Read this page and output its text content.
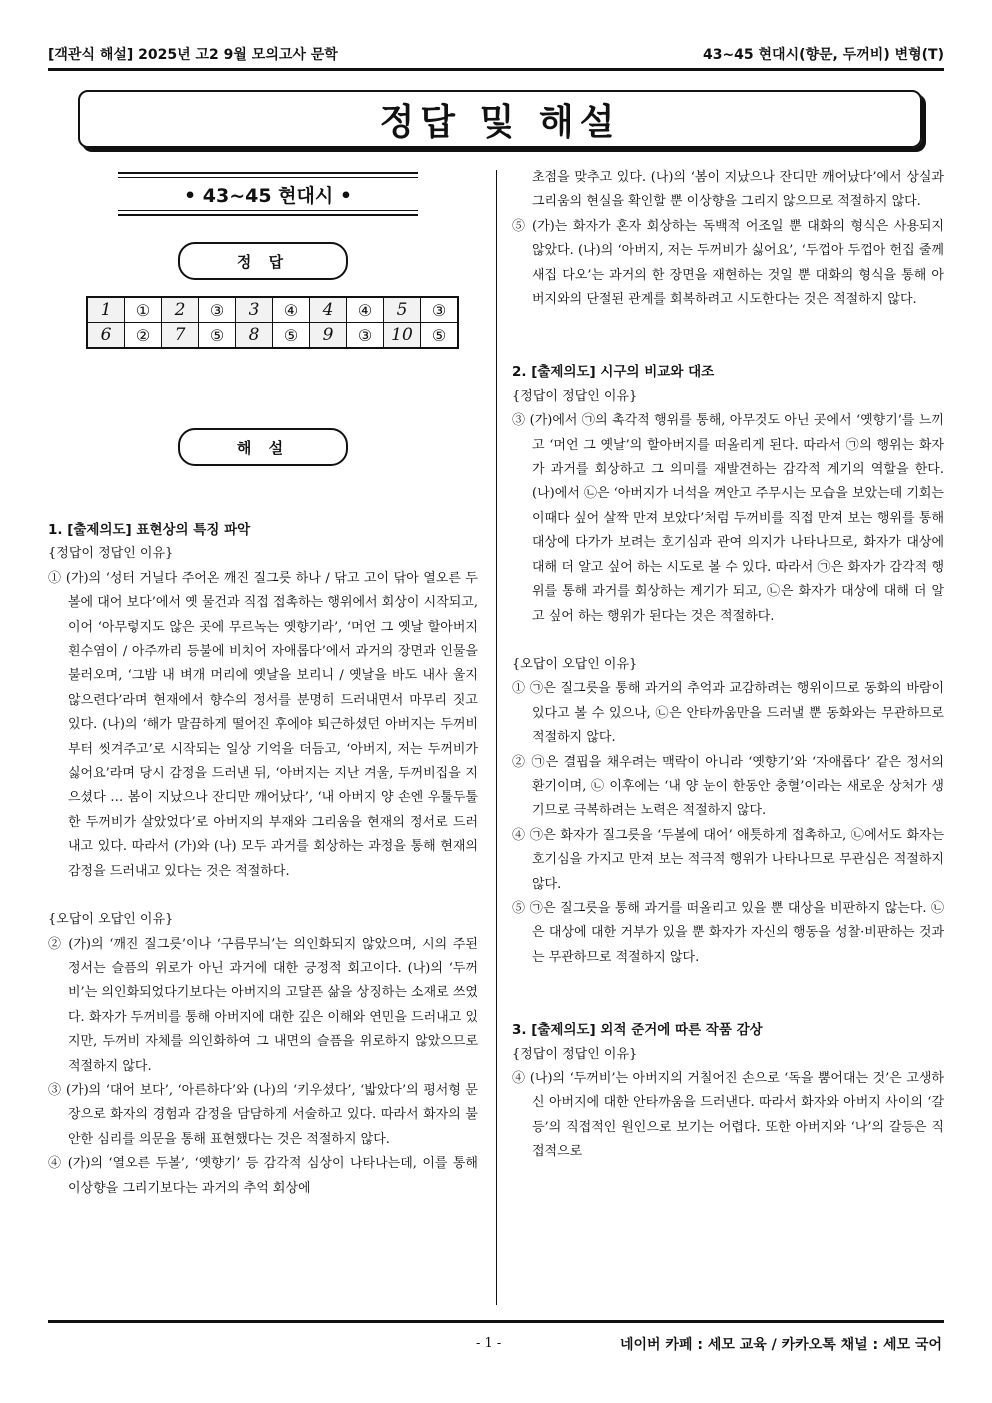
[객관식 해설] 2025년 고2 9월 모의고사 문학	43~45 현대시(향문, 두꺼비) 변형(T)
정답 및 해설
• 43~45 현대시 •
정 답
1	①	2	③	3	④	4	④	5	③
6	②	7	⑤	8	⑤	9	③	10	⑤
해 설

1. [출제의도] 표현상의 특징 파악

{정답이 정답인 이유}

① (가)의 ‘성터 거닐다 주어온 깨진 질그릇 하나 / 닦고 고이 닦아 열오른 두볼에 대어 보다’에서 옛 물건과 직접 접촉하는 행위에서 회상이 시작되고, 이어 ‘아무렇지도 않은 곳에 무르녹는 옛향기라’, ‘머언 그 옛날 할아버지 흰수염이 / 아주까리 등불에 비치어 자애롭다’에서 과거의 장면과 인물을 불러오며, ‘그밤 내 벼개 머리에 옛날을 보리니 / 옛날을 바도 내사 울지 않으련다’라며 현재에서 향수의 정서를 분명히 드러내면서 마무리 짓고 있다. (나)의 ‘해가 말끔하게 떨어진 후에야 퇴근하셨던 아버지는 두꺼비부터 씻겨주고’로 시작되는 일상 기억을 더듬고, ‘아버지, 저는 두꺼비가 싫어요’라며 당시 감정을 드러낸 뒤, ‘아버지는 지난 겨울, 두꺼비집을 지으셨다 … 봄이 지났으나 잔디만 깨어났다’, ‘내 아버지 양 손엔 우툴두툴한 두꺼비가 살았었다’로 아버지의 부재와 그리움을 현재의 정서로 드러내고 있다. 따라서 (가)와 (나) 모두 과거를 회상하는 과정을 통해 현재의 감정을 드러내고 있다는 것은 적절하다.

{오답이 오답인 이유}

② (가)의 ‘깨진 질그릇’이나 ‘구름무늬’는 의인화되지 않았으며, 시의 주된 정서는 슬픔의 위로가 아닌 과거에 대한 긍정적 회고이다. (나)의 ‘두꺼비’는 의인화되었다기보다는 아버지의 고달픈 삶을 상징하는 소재로 쓰였다. 화자가 두꺼비를 통해 아버지에 대한 깊은 이해와 연민을 드러내고 있지만, 두꺼비 자체를 의인화하여 그 내면의 슬픔을 위로하지 않았으므로 적절하지 않다.

③ (가)의 ‘대어 보다’, ‘아른하다’와 (나)의 ‘키우셨다’, ‘밟았다’의 평서형 문장으로 화자의 경험과 감정을 담담하게 서술하고 있다. 따라서 화자의 불안한 심리를 의문을 통해 표현했다는 것은 적절하지 않다.

④ (가)의 ‘열오른 두볼’, ‘옛향기’ 등 감각적 심상이 나타나는데, 이를 통해 이상향을 그리기보다는 과거의 추억 회상에

초점을 맞추고 있다. (나)의 ‘봄이 지났으나 잔디만 깨어났다’에서 상실과 그리움의 현실을 확인할 뿐 이상향을 그리지 않으므로 적절하지 않다.

⑤ (가)는 화자가 혼자 회상하는 독백적 어조일 뿐 대화의 형식은 사용되지 않았다. (나)의 ‘아버지, 저는 두꺼비가 싫어요’, ‘두껍아 두껍아 헌집 줄께 새집 다오’는 과거의 한 장면을 재현하는 것일 뿐 대화의 형식을 통해 아버지와의 단절된 관계를 회복하려고 시도한다는 것은 적절하지 않다.

2. [출제의도] 시구의 비교와 대조

{정답이 정답인 이유}

③ (가)에서 ㉠의 촉각적 행위를 통해, 아무것도 아닌 곳에서 ‘옛향기’를 느끼고 ‘머언 그 옛날’의 할아버지를 떠올리게 된다. 따라서 ㉠의 행위는 화자가 과거를 회상하고 그 의미를 재발견하는 감각적 계기의 역할을 한다. (나)에서 ㉡은 ‘아버지가 너석을 껴안고 주무시는 모습을 보았는데 기회는 이때다 싶어 살짝 만져 보았다’처럼 두꺼비를 직접 만져 보는 행위를 통해 대상에 다가가 보려는 호기심과 관여 의지가 나타나므로, 화자가 대상에 대해 더 알고 싶어 하는 시도로 볼 수 있다. 따라서 ㉠은 화자가 감각적 행위를 통해 과거를 회상하는 계기가 되고, ㉡은 화자가 대상에 대해 더 알고 싶어 하는 행위가 된다는 것은 적절하다.

{오답이 오답인 이유}

① ㉠은 질그릇을 통해 과거의 추억과 교감하려는 행위이므로 동화의 바람이 있다고 볼 수 있으나, ㉡은 안타까움만을 드러낼 뿐 동화와는 무관하므로 적절하지 않다.

② ㉠은 결핍을 채우려는 맥락이 아니라 ‘옛향기’와 ‘자애롭다’ 같은 정서의 환기이며, ㉡ 이후에는 ‘내 양 눈이 한동안 충혈’이라는 새로운 상처가 생기므로 극복하려는 노력은 적절하지 않다.

④ ㉠은 화자가 질그릇을 ‘두볼에 대어’ 애틋하게 접촉하고, ㉡에서도 화자는 호기심을 가지고 만져 보는 적극적 행위가 나타나므로 무관심은 적절하지 않다.

⑤ ㉠은 질그릇을 통해 과거를 떠올리고 있을 뿐 대상을 비판하지 않는다. ㉡은 대상에 대한 거부가 있을 뿐 화자가 자신의 행동을 성찰·비판하는 것과는 무관하므로 적절하지 않다.

3. [출제의도] 외적 준거에 따른 작품 감상

{정답이 정답인 이유}

④ (나)의 ‘두꺼비’는 아버지의 거칠어진 손으로 ‘독을 뿜어대는 것’은 고생하신 아버지에 대한 안타까움을 드러낸다. 따라서 화자와 아버지 사이의 ‘갈등’의 직접적인 원인으로 보기는 어렵다. 또한 아버지와 ‘나’의 갈등은 직접적으로

- 1 -	네이버 카페 : 세모 교육 / 카카오톡 채널 : 세모 국어
